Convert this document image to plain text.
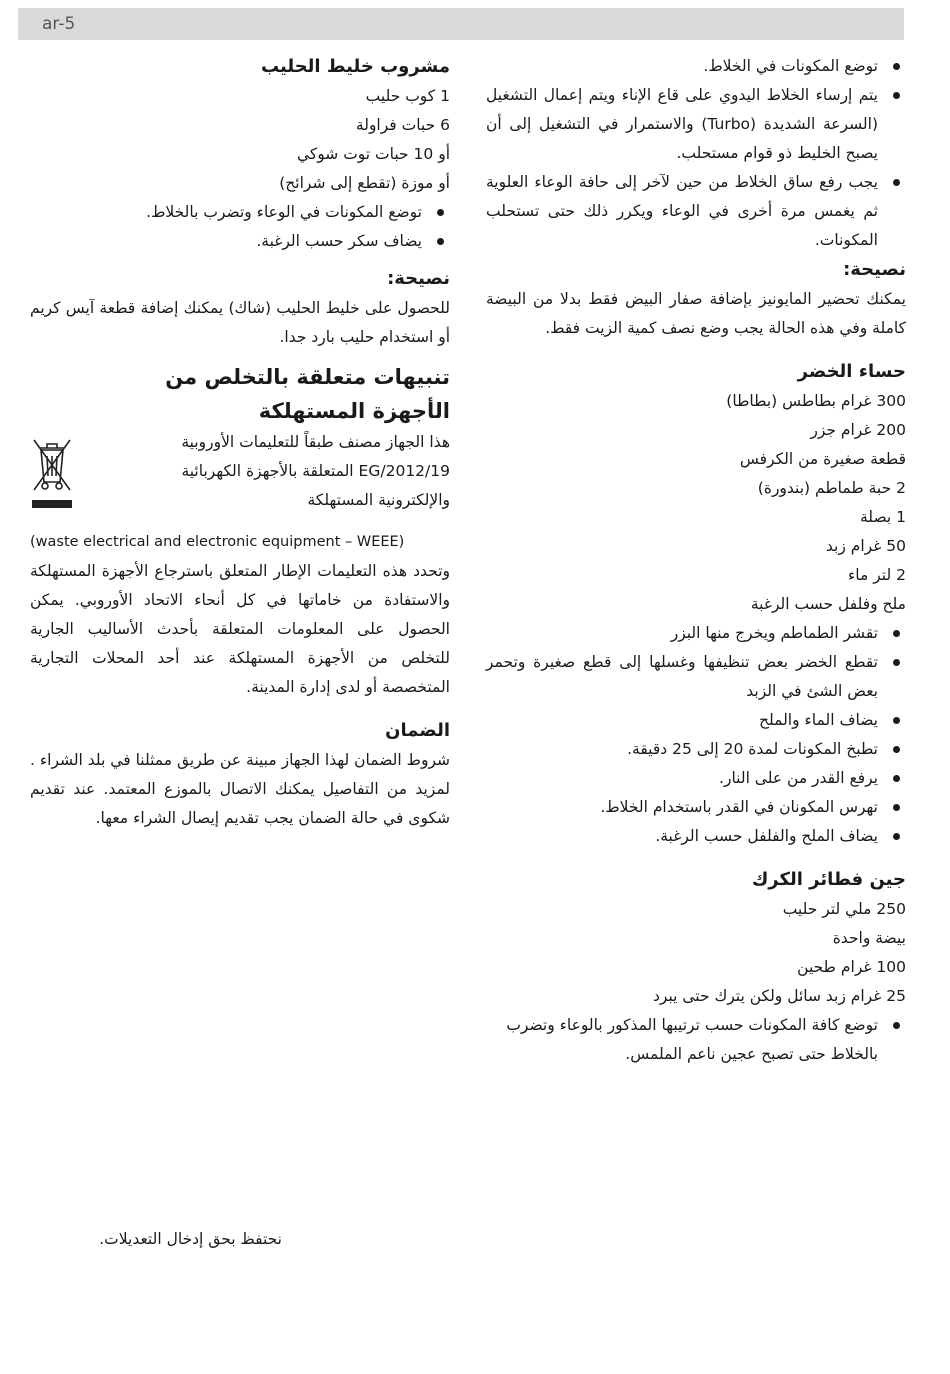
ar-5
توضع المكونات في الخلاط.
يتم إرساء الخلاط اليدوي على قاع الإناء ويتم إعمال التشغيل (السرعة الشديدة (Turbo) والاستمرار في التشغيل إلى أن يصبح الخليط ذو قوام مستحلب.
يجب رفع ساق الخلاط من حين لآخر إلى حافة الوعاء العلوية ثم يغمس مرة أخرى في الوعاء ويكرر ذلك حتى تستحلب المكونات.
نصيحة:

يمكنك تحضير المايونيز بإضافة صفار البيض فقط بدلا من البيضة كاملة وفي هذه الحالة يجب وضع نصف كمية الزيت فقط.

حساء الخضر
300 غرام بطاطس (بطاطا)
200 غرام جزر
قطعة صغيرة من الكرفس
2 حبة طماطم (بندورة)
1 بصلة
50 غرام زبد
2 لتر ماء
ملح وفلفل حسب الرغبة
تقشر الطماطم ويخرج منها البزر
تقطع الخضر بعض تنظيفها وغسلها إلى قطع صغيرة وتحمر بعض الشئ في الزبد
يضاف الماء والملح
تطبخ المكونات لمدة 20 إلى 25 دقيقة.
يرفع القدر من على النار.
تهرس المكونان في القدر باستخدام الخلاط.
يضاف الملح والفلفل حسب الرغبة.
جين فطائر الكرك
250 ملي لتر حليب
بيضة واحدة
100 غرام طحين
25 غرام زبد سائل ولكن يترك حتى يبرد
توضع كافة المكونات حسب ترتيبها المذكور بالوعاء وتضرب بالخلاط حتى تصبح عجين ناعم الملمس.
مشروب خليط الحليب
1 كوب حليب
6 حبات فراولة
أو 10 حبات توت شوكي
أو موزة (تقطع إلى شرائح)
توضع المكونات في الوعاء وتضرب بالخلاط.
يضاف سكر حسب الرغبة.
نصيحة:

للحصول على خليط الحليب (شاك) يمكنك إضافة قطعة آيس كريم أو استخدام حليب بارد جدا.

تنبيهات متعلقة بالتخلص من
الأجهزة المستهلكة
هذا الجهاز مصنف طبقاً للتعليمات الأوروبية
2012/19/EG المتعلقة بالأجهزة الكهربائية
والإلكترونية المستهلكة
(waste electrical and electronic equipment – WEEE)

وتحدد هذه التعليمات الإطار المتعلق باسترجاع الأجهزة المستهلكة والاستفادة من خاماتها في كل أنحاء الاتحاد الأوروبي. يمكن الحصول على المعلومات المتعلقة بأحدث الأساليب الجارية للتخلص من الأجهزة المستهلكة عند أحد المحلات التجارية المتخصصة أو لدى إدارة المدينة.

الضمان

شروط الضمان لهذا الجهاز مبينة عن طريق ممثلنا في بلد الشراء . لمزيد من التفاصيل يمكنك الاتصال بالموزع المعتمد. عند تقديم شكوى في حالة الضمان يجب تقديم إيصال الشراء معها.

نحتفظ بحق إدخال التعديلات.
